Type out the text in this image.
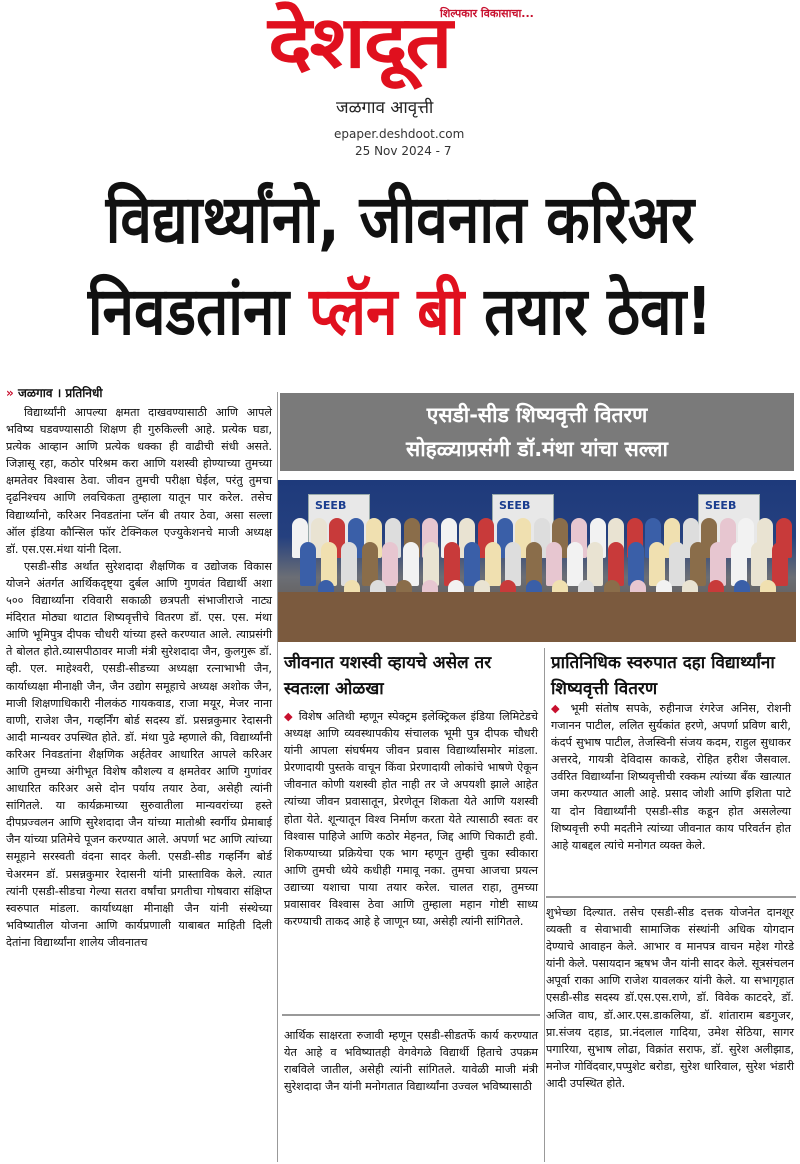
शिल्पकार विकासाचा...
देशदूत
जळगाव आवृत्ती
epaper.deshdoot.com
25 Nov 2024 - 7
विद्यार्थ्यांनो, जीवनात करिअर
निवडतांना प्लॅन बी तयार ठेवा!
» जळगाव । प्रतिनिधी

विद्यार्थ्यांनी आपल्या क्षमता दाखवण्यासाठी आणि आपले भविष्य घडवण्यासाठी शिक्षण ही गुरुकिल्ली आहे. प्रत्येक घडा, प्रत्येक आव्हान आणि प्रत्येक धक्का ही वाढीची संधी असते. जिज्ञासू रहा, कठोर परिश्रम करा आणि यशस्वी होण्याच्या तुमच्या क्षमतेवर विश्वास ठेवा. जीवन तुमची परीक्षा घेईल, परंतु तुमचा दृढनिश्चय आणि लवचिकता तुम्हाला यातून पार करेल. तसेच विद्यार्थ्यांनो, करिअर निवडतांना प्लॅन बी तयार ठेवा, असा सल्ला ऑल इंडिया कौन्सिल फॉर टेक्निकल एज्युकेशनचे माजी अध्यक्ष डॉ. एस.एस.मंथा यांनी दिला.

एसडी-सीड अर्थात सुरेशदादा शैक्षणिक व उद्योजक विकास योजने अंतर्गत आर्थिकदृष्ट्या दुर्बल आणि गुणवंत विद्यार्थी अशा ५०० विद्यार्थ्यांना रविवारी सकाळी छत्रपती संभाजीराजे नाट्य मंदिरात मोठ्या थाटात शिष्यवृत्तीचे वितरण डॉ. एस. एस. मंथा आणि भूमिपुत्र दीपक चौधरी यांच्या हस्ते करण्यात आले. त्याप्रसंगी ते बोलत होते.व्यासपीठावर माजी मंत्री सुरेशदादा जैन, कुलगुरू डॉ. व्ही. एल. माहेश्वरी, एसडी-सीडच्या अध्यक्षा रत्नाभाभी जैन, कार्याध्यक्षा मीनाक्षी जैन, जैन उद्योग समूहाचे अध्यक्ष अशोक जैन, माजी शिक्षणाधिकारी नीलकंठ गायकवाड, राजा मयूर, मेजर नाना वाणी, राजेश जैन, गव्हर्निंग बोर्ड सदस्य डॉ. प्रसन्नकुमार रेदासनी आदी मान्यवर उपस्थित होते. डॉ. मंथा पुढे म्हणाले की, विद्यार्थ्यांनी करिअर निवडतांना शैक्षणिक अर्हतेवर आधारित आपले करिअर आणि तुमच्या अंगीभूत विशेष कौशल्य व क्षमतेवर आणि गुणांवर आधारित करिअर असे दोन पर्याय तयार ठेवा, असेही त्यांनी सांगितले. या कार्यक्रमाच्या सुरुवातीला मान्यवरांच्या हस्ते दीपप्रज्वलन आणि सुरेशदादा जैन यांच्या मातोश्री स्वर्गीय प्रेमाबाई जैन यांच्या प्रतिमेचे पूजन करण्यात आले. अपर्णा भट आणि त्यांच्या समूहाने सरस्वती वंदना सादर केली. एसडी-सीड गव्हर्निंग बोर्ड चेअरमन डॉ. प्रसन्नकुमार रेदासनी यांनी प्रास्ताविक केले. त्यात त्यांनी एसडी-सीडचा गेल्या सतरा वर्षांचा प्रगतीचा गोषवारा संक्षिप्त स्वरुपात मांडला. कार्याध्यक्षा मीनाक्षी जैन यांनी संस्थेच्या भविष्यातील योजना आणि कार्यप्रणाली याबाबत माहिती दिली देतांना विद्यार्थ्यांना शालेय जीवनातच

एसडी-सीड शिष्यवृत्ती वितरण
सोहळ्याप्रसंगी डॉ.मंथा यांचा सल्ला
SEEB	SEEB	SEEB
जीवनात यशस्वी व्हायचे असेल तर स्वतःला ओळखा
◆ विशेष अतिथी म्हणून स्पेक्ट्रम इलेक्ट्रिकल इंडिया लिमिटेडचे अध्यक्ष आणि व्यवस्थापकीय संचालक भूमी पुत्र दीपक चौधरी यांनी आपला संघर्षमय जीवन प्रवास विद्यार्थ्यांसमोर मांडला. प्रेरणादायी पुस्तके वाचून किंवा प्रेरणादायी लोकांचे भाषणे ऐकून जीवनात कोणी यशस्वी होत नाही तर जे अपयशी झाले आहेत त्यांच्या जीवन प्रवासातून, प्रेरणेतून शिकता येते आणि यशस्वी होता येते. शून्यातून विश्व निर्माण करता येते त्यासाठी स्वतः वर विश्वास पाहिजे आणि कठोर मेहनत, जिद्द आणि चिकाटी हवी. शिकण्याच्या प्रक्रियेचा एक भाग म्हणून तुम्ही चुका स्वीकारा आणि तुमची ध्येये कधीही गमावू नका. तुमचा आजचा प्रयत्न उद्याच्या यशाचा पाया तयार करेल. चालत राहा, तुमच्या प्रवासावर विश्वास ठेवा आणि तुम्हाला महान गोष्टी साध्य करण्याची ताकद आहे हे जाणून घ्या, असेही त्यांनी सांगितले.
आर्थिक साक्षरता रुजावी म्हणून एसडी-सीडतर्फे कार्य करण्यात येत आहे व भविष्यातही वेगवेगळे विद्यार्थी हिताचे उपक्रम राबविले जातील, असेही त्यांनी सांगितले. यावेळी माजी मंत्री सुरेशदादा जैन यांनी मनोगतात विद्यार्थ्यांना उज्वल भविष्यासाठी
प्रातिनिधिक स्वरुपात दहा विद्यार्थ्यांना शिष्यवृत्ती वितरण
◆ भूमी संतोष सपके, रुहीनाज रंगरेज अनिस, रोशनी गजानन पाटील, ललित सुर्यकांत हरणे, अपर्णा प्रविण बारी, कंदर्प सुभाष पाटील, तेजस्विनी संजय कदम, राहुल सुधाकर अत्तरदे, गायत्री देविदास काकडे, रोहित हरीश जैसवाल. उर्वरित विद्यार्थ्यांना शिष्यवृत्तीची रक्कम त्यांच्या बँक खात्यात जमा करण्यात आली आहे. प्रसाद जोशी आणि इशिता पाटे या दोन विद्यार्थ्यांनी एसडी-सीड कडून होत असलेल्या शिष्यवृत्ती रुपी मदतीने त्यांच्या जीवनात काय परिवर्तन होत आहे याबद्दल त्यांचे मनोगत व्यक्त केले.
शुभेच्छा दिल्यात. तसेच एसडी-सीड दत्तक योजनेत दानशूर व्यक्ती व सेवाभावी सामाजिक संस्थांनी अधिक योगदान देण्याचे आवाहन केले. आभार व मानपत्र वाचन महेश गोरडे यांनी केले. पसायदान ऋषभ जैन यांनी सादर केले. सूत्रसंचलन अपूर्वा राका आणि राजेश यावलकर यांनी केले. या सभागृहात एसडी-सीड सदस्य डॉ.एस.एस.राणे, डॉ. विवेक काटदरे, डॉ. अजित वाघ, डॉ.आर.एस.डाकलिया, डॉ. शांताराम बडगुजर, प्रा.संजय दहाड, प्रा.नंदलाल गादिया, उमेश सेठिया, सागर पगारिया, सुभाष लोढा, विक्रांत सराफ, डॉ. सुरेश अलीझाड, मनोज गोविंदवार,पप्पुशेट बरोडा, सुरेश धारिवाल, सुरेश भंडारी आदी उपस्थित होते.
